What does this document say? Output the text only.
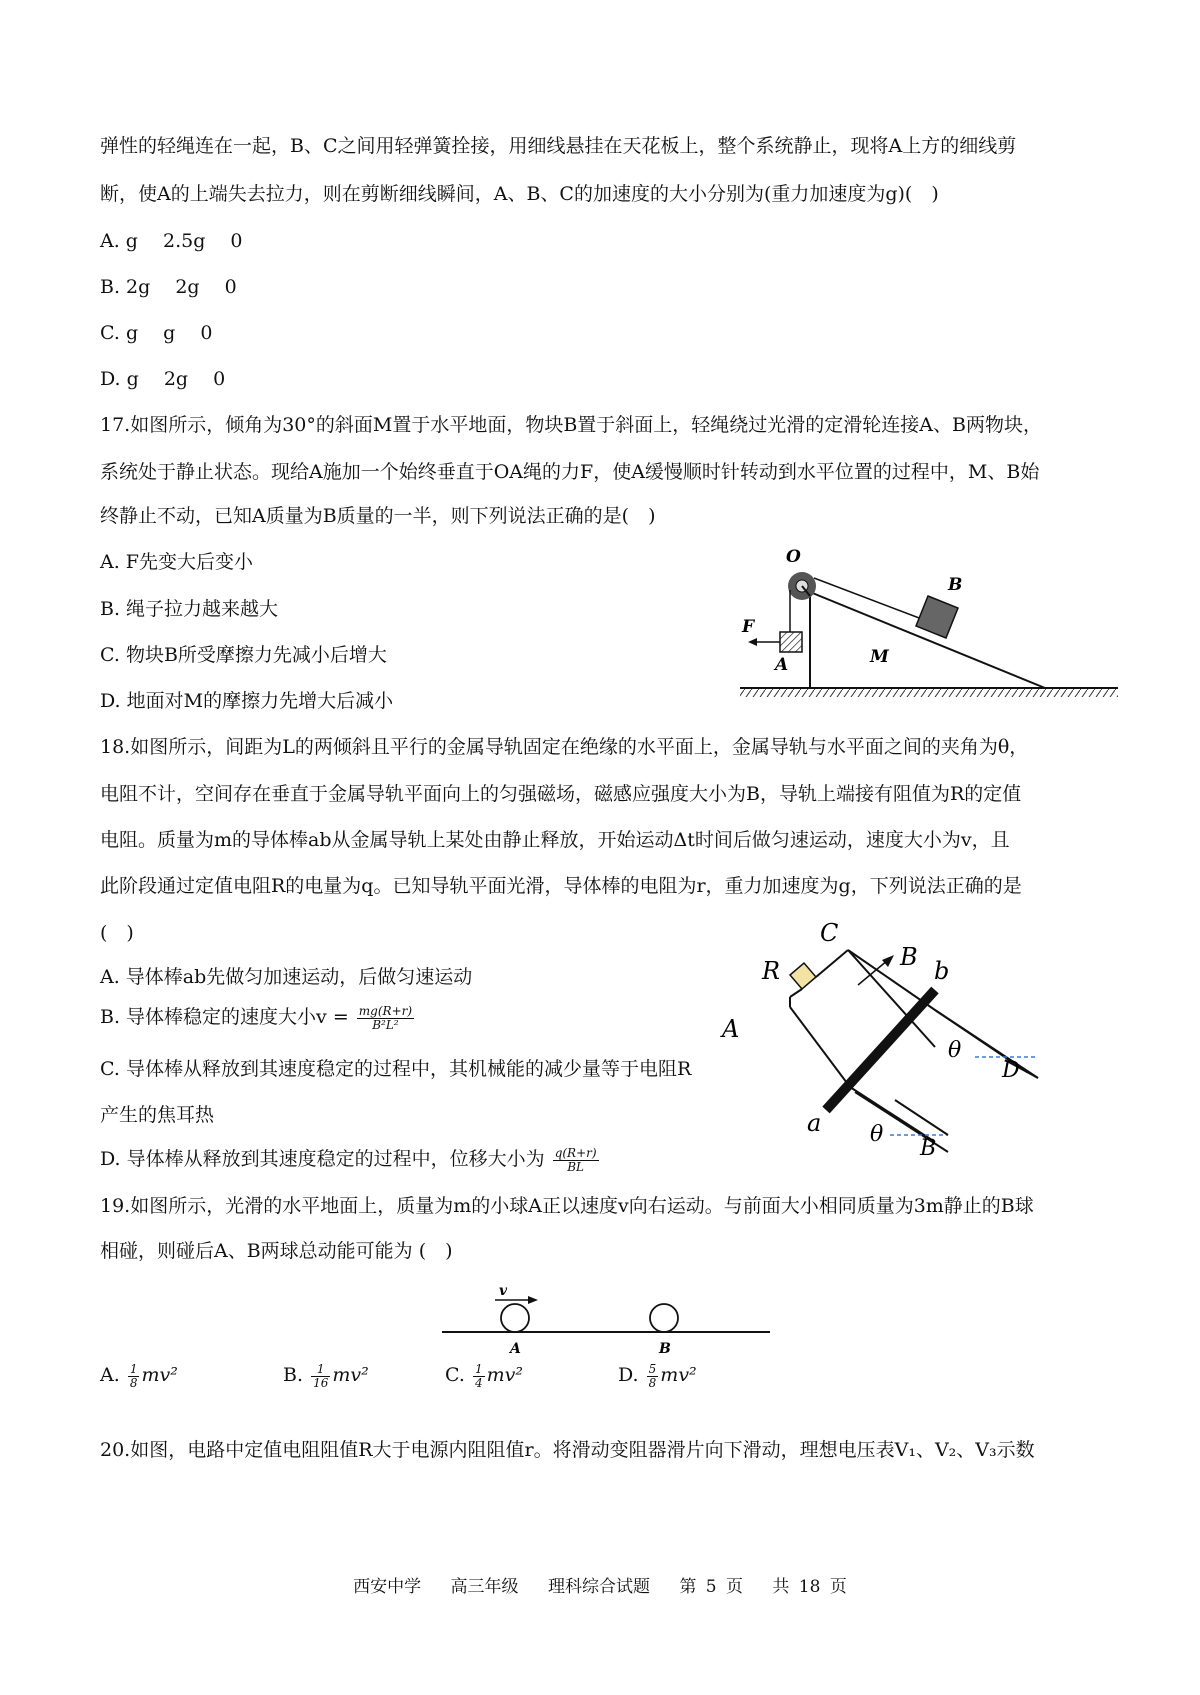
弹性的轻绳连在一起，B、C之间用轻弹簧拴接，用细线悬挂在天花板上，整个系统静止，现将A上方的细线剪
断，使A的上端失去拉力，则在剪断细线瞬间，A、B、C的加速度的大小分别为(重力加速度为g)(　)
A. g　 2.5g　 0
B. 2g　 2g　 0
C. g　 g　 0
D. g　 2g　 0
17.如图所示，倾角为30°的斜面M置于水平地面，物块B置于斜面上，轻绳绕过光滑的定滑轮连接A、B两物块，
系统处于静止状态。现给A施加一个始终垂直于OA绳的力F，使A缓慢顺时针转动到水平位置的过程中，M、B始
终静止不动，已知A质量为B质量的一半，则下列说法正确的是(　)
A. F先变大后变小
B. 绳子拉力越来越大
C. 物块B所受摩擦力先减小后增大
D. 地面对M的摩擦力先增大后减小
O
B
F
A	M
18.如图所示，间距为L的两倾斜且平行的金属导轨固定在绝缘的水平面上，金属导轨与水平面之间的夹角为θ，
电阻不计，空间存在垂直于金属导轨平面向上的匀强磁场，磁感应强度大小为B，导轨上端接有阻值为R的定值
电阻。质量为m的导体棒ab从金属导轨上某处由静止释放，开始运动Δt时间后做匀速运动，速度大小为v，且
此阶段通过定值电阻R的电量为q。已知导轨平面光滑，导体棒的电阻为r，重力加速度为g，下列说法正确的是
(　)
A. 导体棒ab先做匀加速运动，后做匀速运动
B. 导体棒稳定的速度大小$v = \frac{mg(R+r)}{\text{B²L²}}$
C. 导体棒从释放到其速度稳定的过程中，其机械能的减少量等于电阻R
产生的焦耳热
D. 导体棒从释放到其速度稳定的过程中，位移大小为 $\frac{q(R+r)}{BL}$
C
B b
R
A
θ
D
a θ
B
19.如图所示，光滑的水平地面上，质量为m的小球A正以速度v向右运动。与前面大小相同质量为3m静止的B球
相碰，则碰后A、B两球总动能可能为 (　)
v
A	B
A. $\frac{1}{8} mv^2$	B. $\frac{1}{16} mv^2$	C. $\frac{1}{4} mv^2$	D. $\frac{5}{8} mv^2$
20.如图，电路中定值电阻阻值R大于电源内阻阻值r。将滑动变阻器滑片向下滑动，理想电压表V₁、V₂、V₃示数
西安中学 高三年级 理科综合试题 第 5 页 共 18 页
